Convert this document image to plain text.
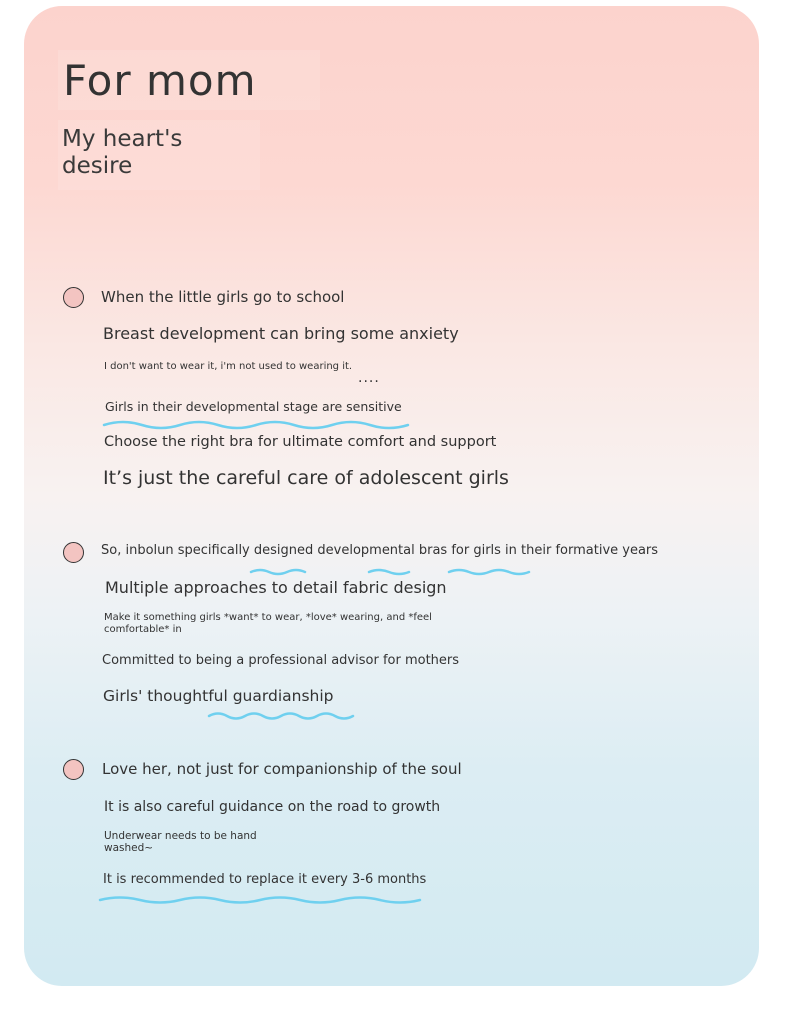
For mom

My heart's desire

When the little girls go to school

Breast development can bring some anxiety

I don't want to wear it, i'm not used to wearing it.

....

Girls in their developmental stage are sensitive

Choose the right bra for ultimate comfort and support

It’s just the careful care of adolescent girls

So, inbolun specifically designed developmental bras for girls in their formative years

Multiple approaches to detail fabric design

Make it something girls *want* to wear, *love* wearing, and *feel comfortable* in

Committed to being a professional advisor for mothers

Girls' thoughtful guardianship

Love her, not just for companionship of the soul

It is also careful guidance on the road to growth

Underwear needs to be hand washed~

It is recommended to replace it every 3-6 months
